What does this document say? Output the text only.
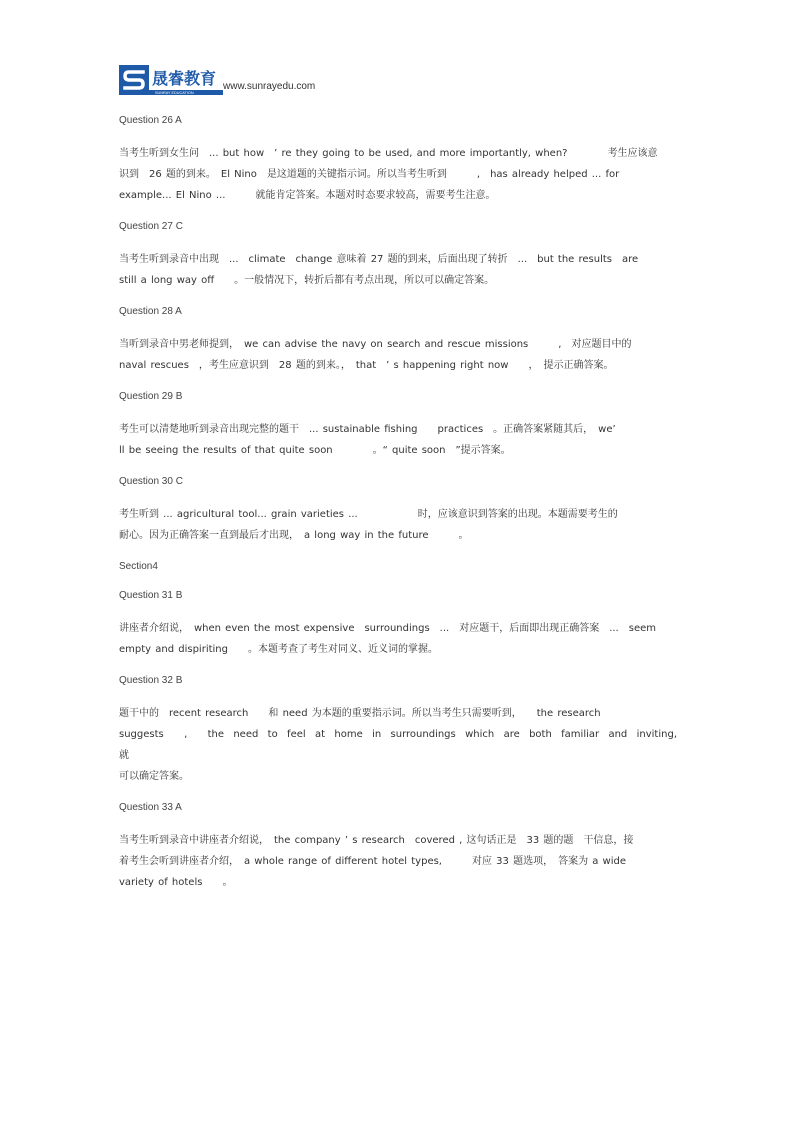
晟睿教育
SUNRAY EDUCATION
www.sunrayedu.com
Question 26 A
当考生听到女生问　... but how　’ re they going to be used, and more importantly, when?　　　　考生应该意
识到　26 题的到来。　El Nino　是这道题的关键指示词。所以当考生听到　　　,　has already helped ... for
example... El Nino ...　　　就能肯定答案。本题对时态要求较高，需要考生注意。
Question 27 C
当考生听到录音中出现　...　climate　change 意味着 27 题的到来，后面出现了转折　...　but the results　are
still a long way off　　。一般情况下，转折后都有考点出现，所以可以确定答案。
Question 28 A
当听到录音中男老师提到，　we can advise the navy on search and rescue missions　　　,　对应题目中的
naval rescues　，考生应意识到　28 题的到来。，　that　’ s happening right now　　，　提示正确答案。
Question 29 B
考生可以清楚地听到录音出现完整的题干　... sustainable fishing　　practices　。正确答案紧随其后，　we’
ll be seeing the results of that quite soon　　　　。“ quite soon　”提示答案。
Question 30 C
考生听到 ... agricultural tool... grain varieties ...　　　　　　时，应该意识到答案的出现。本题需要考生的
耐心。因为正确答案一直到最后才出现，　a long way in the future　　　。
Section4
Question 31 B
讲座者介绍说，　when even the most expensive　surroundings　...　对应题干，后面即出现正确答案　...　seem
empty and dispiriting　　。本题考查了考生对同义、近义词的掌握。
Question 32 B
题干中的　recent research　　和 need 为本题的重要指示词。所以当考生只需要听到，　　the research
suggests　,　the need to feel at home in surroundings which are both familiar and inviting,　　　　　　　　就
可以确定答案。
Question 33 A
当考生听到录音中讲座者介绍说，　the company ’ s research　covered , 这句话正是　33 题的题　干信息，接
着考生会听到讲座者介绍，　a whole range of different hotel types,　　　对应 33 题选项，　答案为 a wide
variety of hotels　　。
